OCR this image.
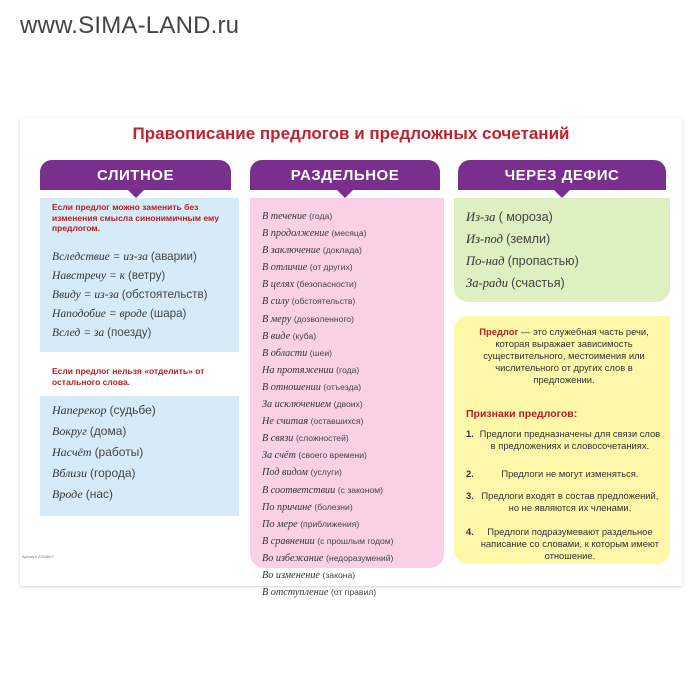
www.SIMA-LAND.ru
Правописание предлогов и предложных сочетаний
СЛИТНОЕ
Если предлог можно заменить без изменения смысла синонимичным ему предлогом.
Вследствие = из-за (аварии)
Навстречу = к (ветру)
Ввиду = из-за (обстоятельств)
Наподобие = вроде (шара)
Вслед = за (поезду)
Если предлог нельзя «отделить» от остального слова.
Наперекор (судьбе)
Вокруг (дома)
Насчёт (работы)
Вблизи (города)
Вроде (нас)
РАЗДЕЛЬНОЕ
В течение (года)
В продолжение (месяца)
В заключение (доклада)
В отличие (от других)
В целях (безопасности)
В силу (обстоятельств)
В меру (дозволенного)
В виде (куба)
В области (шеи)
На протяжении (года)
В отношении (отъезда)
За исключением (двоих)
Не считая (оставшихся)
В связи (сложностей)
За счёт (своего времени)
Под видом (услуги)
В соответствии (с законом)
По причине (болезни)
По мере (приближения)
В сравнении (с прошлым годом)
Во избежание (недоразумений)
Во изменение (закона)
В отступление (от правил)
ЧЕРЕЗ ДЕФИС
Из-за ( мороза)
Из-под (земли)
По-над (пропастью)
За-ради (счастья)
Предлог — это служебная часть речи, которая выражает зависимость существительного, местоимения или числительного от других слов в предложении.
Признаки предлогов:
1. Предлоги предназначены для связи слов в предложениях и словосочетаниях.
2.	Предлоги не могут изменяться.
3. Предлоги входят в состав предложений, но не являются их членами.
4.	Предлоги подразумевают раздельное написание со словами, к которым имеют отношение.
Артикул 2254607
